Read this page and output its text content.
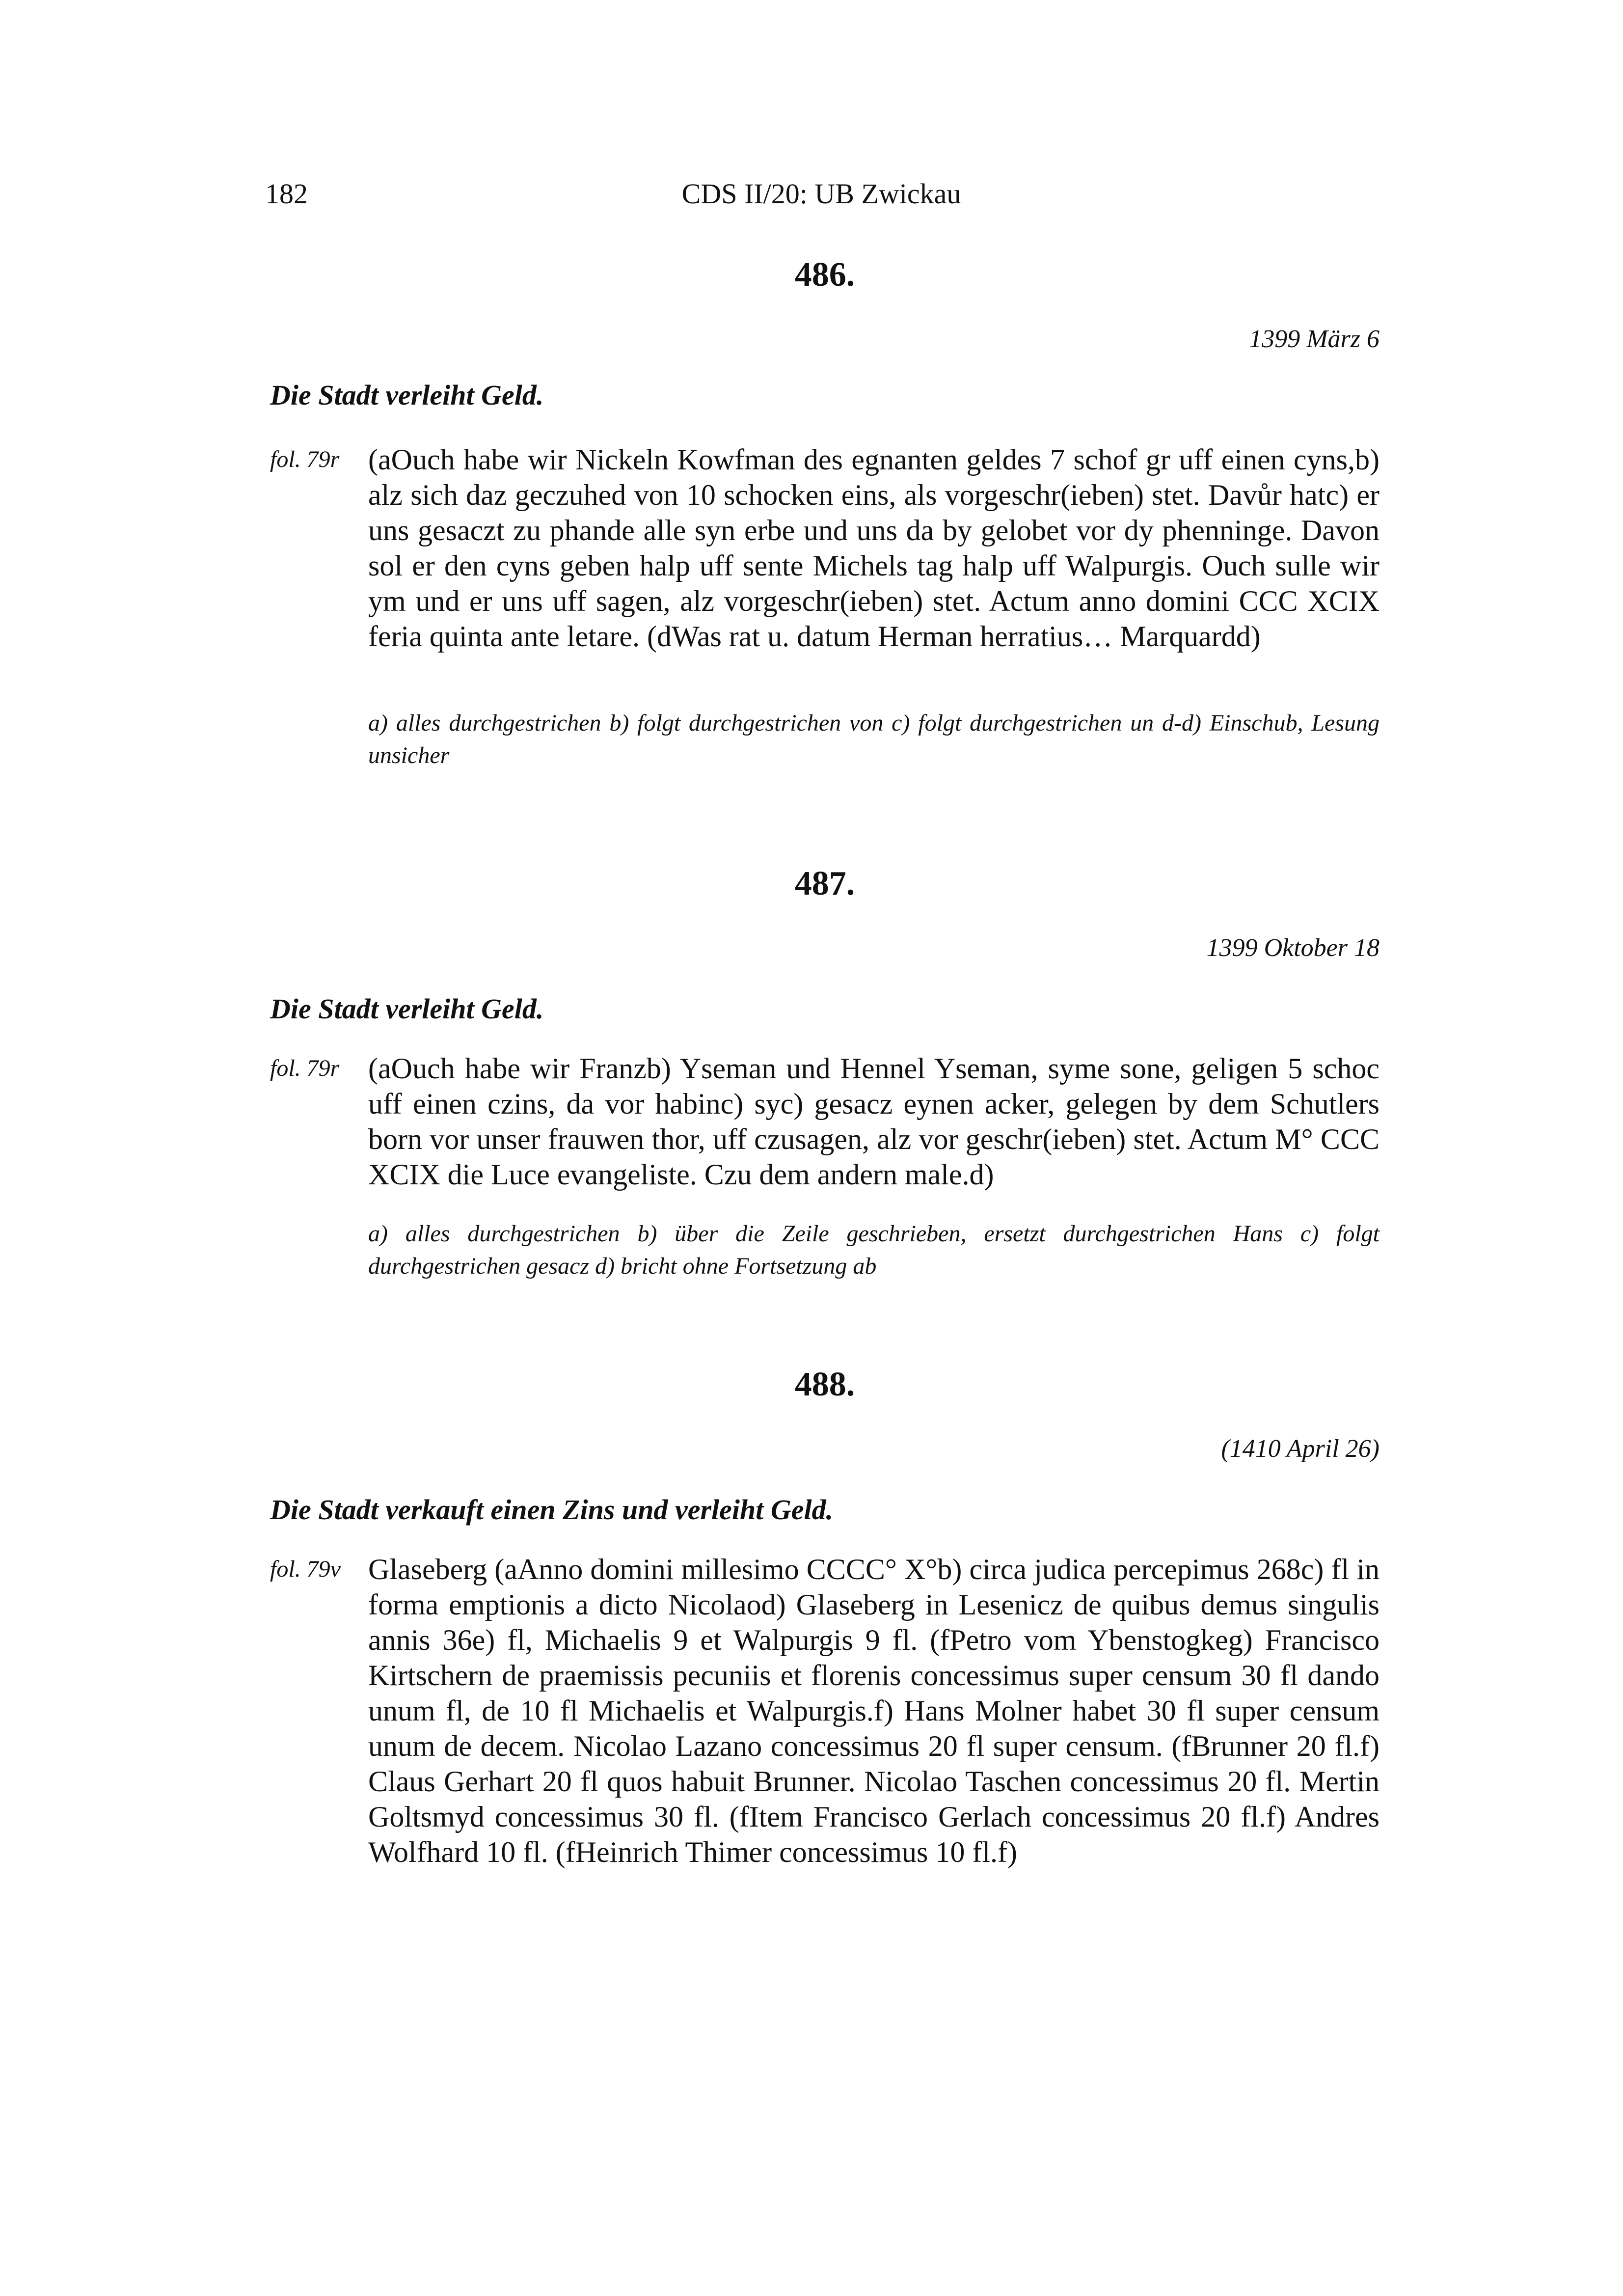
182	CDS II/20: UB Zwickau
486.
1399 März 6
Die Stadt verleiht Geld.
fol. 79r (aOuch habe wir Nickeln Kowfman des egnanten geldes 7 schof gr uff einen cyns,b) alz sich daz geczuhed von 10 schocken eins, als vorgeschr(ieben) stet. Davůr hatc) er uns gesaczt zu phande alle syn erbe und uns da by gelobet vor dy phenninge. Davon sol er den cyns geben halp uff sente Michels tag halp uff Walpurgis. Ouch sulle wir ym und er uns uff sagen, alz vorgeschr(ieben) stet. Actum anno domini CCC XCIX feria quinta ante letare. (dWas rat u. datum Herman herratius… Marquardd)
a) alles durchgestrichen b) folgt durchgestrichen von c) folgt durchgestrichen un d-d) Einschub, Lesung unsicher
487.
1399 Oktober 18
Die Stadt verleiht Geld.
fol. 79r (aOuch habe wir Franzb) Yseman und Hennel Yseman, syme sone, geligen 5 schoc uff einen czins, da vor habinc) syc) gesacz eynen acker, gelegen by dem Schutlers born vor unser frauwen thor, uff czusagen, alz vor geschr(ieben) stet. Actum M° CCC XCIX die Luce evangeliste. Czu dem andern male.d)
a) alles durchgestrichen b) über die Zeile geschrieben, ersetzt durchgestrichen Hans c) folgt durchgestrichen gesacz d) bricht ohne Fortsetzung ab
488.
(1410 April 26)
Die Stadt verkauft einen Zins und verleiht Geld.
fol. 79v Glaseberg (aAnno domini millesimo CCCC° X°b) circa judica percepimus 268c) fl in forma emptionis a dicto Nicolaod) Glaseberg in Lesenicz de quibus demus singulis annis 36e) fl, Michaelis 9 et Walpurgis 9 fl. (fPetro vom Ybenstogkeg) Francisco Kirtschern de praemissis pecuniis et florenis concessimus super censum 30 fl dando unum fl, de 10 fl Michaelis et Walpurgis.f) Hans Molner habet 30 fl super censum unum de decem. Nicolao Lazano concessimus 20 fl super censum. (fBrunner 20 fl.f) Claus Gerhart 20 fl quos habuit Brunner. Nicolao Taschen concessimus 20 fl. Mertin Goltsmyd concessimus 30 fl. (fItem Francisco Gerlach concessimus 20 fl.f) Andres Wolfhard 10 fl. (fHeinrich Thimer concessimus 10 fl.f)
